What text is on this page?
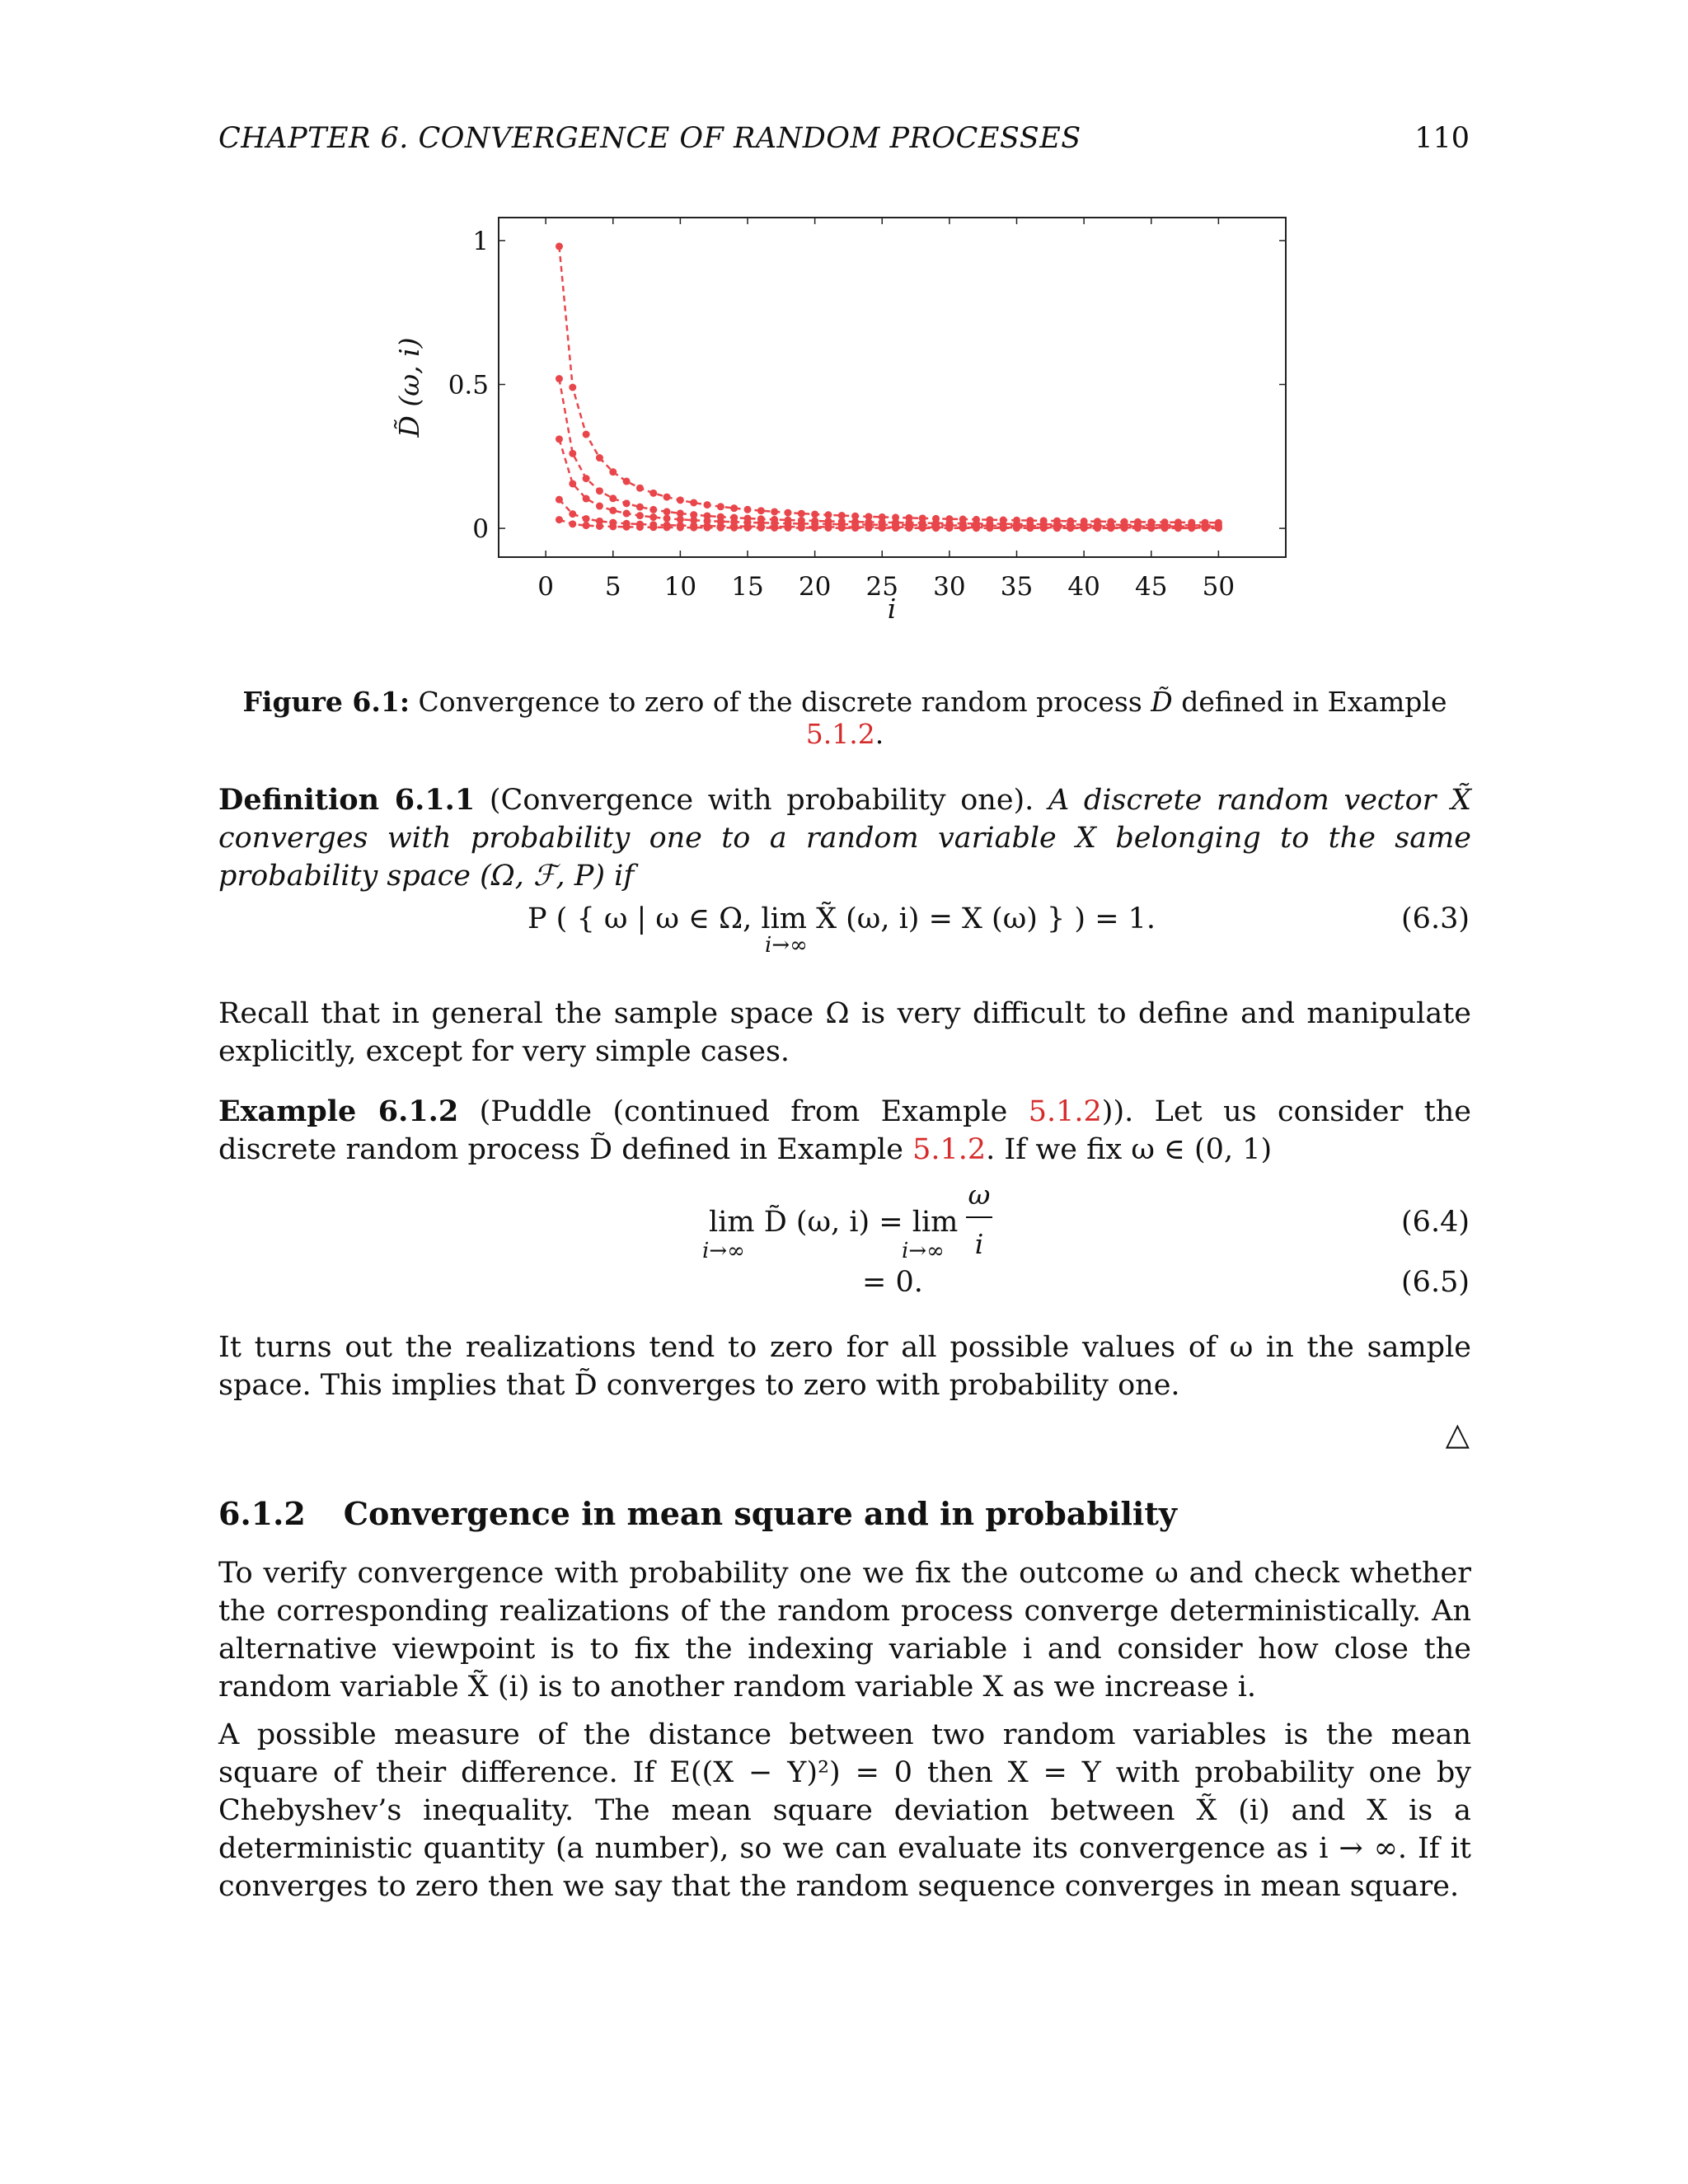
CHAPTER 6. CONVERGENCE OF RANDOM PROCESSES	110
0 5 10 15 20 25 30 35 40 45 50
0
0.5
1
D̃ (ω, i)
i
Figure 6.1: Convergence to zero of the discrete random process D̃ defined in Example 5.1.2.
Definition 6.1.1 (Convergence with probability one). A discrete random vector X̃ converges with probability one to a random variable X belonging to the same probability space (Ω, ℱ, P) if
P ( { ω | ω ∈ Ω, lim X̃ (ω, i) = X (ω) } ) = 1.
i→∞
(6.3)
Recall that in general the sample space Ω is very difficult to define and manipulate explicitly, except for very simple cases.
Example 6.1.2 (Puddle (continued from Example 5.1.2)). Let us consider the discrete random process D̃ defined in Example 5.1.2. If we fix ω ∈ (0, 1)
lim D̃ (ω, i) = lim
i→∞	i→∞
ω
i
(6.4)
= 0.	(6.5)
It turns out the realizations tend to zero for all possible values of ω in the sample space. This implies that D̃ converges to zero with probability one.
△
6.1.2 Convergence in mean square and in probability
To verify convergence with probability one we fix the outcome ω and check whether the corresponding realizations of the random process converge deterministically. An alternative viewpoint is to fix the indexing variable i and consider how close the random variable X̃ (i) is to another random variable X as we increase i.
A possible measure of the distance between two random variables is the mean square of their difference. If E((X − Y)²) = 0 then X = Y with probability one by Chebyshev’s inequality. The mean square deviation between X̃ (i) and X is a deterministic quantity (a number), so we can evaluate its convergence as i → ∞. If it converges to zero then we say that the random sequence converges in mean square.
